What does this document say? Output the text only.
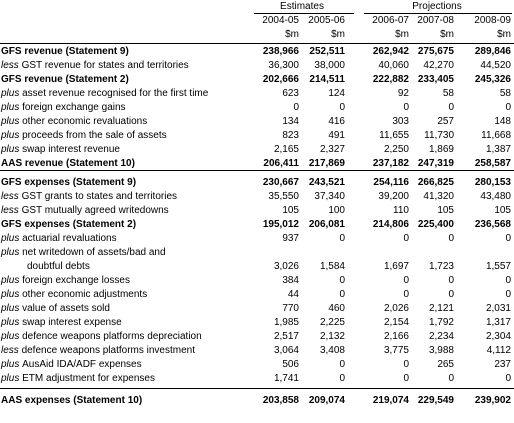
Estimates	Projections
2004-05 2005-06	2006-07 2007-08	2008-09
$m	$m	$m	$m	$m
GFS revenue (Statement 9)	238,966	252,511	262,942 275,675	289,846
less GST revenue for states and territories	36,300	38,000	40,060	42,270	44,520
GFS revenue (Statement 2)	202,666	214,511	222,882 233,405	245,326
plus asset revenue recognised for the first time	623	124	92	58	58
plus foreign exchange gains	0	0	0	0	0
plus other economic revaluations	134	416	303	257	148
plus proceeds from the sale of assets	823	491	11,655	11,730	11,668
plus swap interest revenue	2,165	2,327	2,250	1,869	1,387
AAS revenue (Statement 10)	206,411 217,869	237,182 247,319	258,587
GFS expenses (Statement 9)	230,667 243,521	254,116 266,825	280,153
less GST grants to states and territories	35,550	37,340	39,200	41,320	43,480
less GST mutually agreed writedowns	105	100	110	105	105
GFS expenses (Statement 2)	195,012 206,081	214,806 225,400	236,568
plus actuarial revaluations	937	0	0	0	0
plus net writedown of assets/bad and
doubtful debts	3,026	1,584	1,697	1,723	1,557
plus foreign exchange losses	384	0	0	0	0
plus other economic adjustments	44	0	0	0	0
plus value of assets sold	770	460	2,026	2,121	2,031
plus swap interest expense	1,985	2,225	2,154	1,792	1,317
plus defence weapons platforms depreciation	2,517	2,132	2,166	2,234	2,304
less defence weapons platforms investment	3,064	3,408	3,775	3,988	4,112
plus AusAid IDA/ADF expenses	506	0	0	265	237
plus ETM adjustment for expenses	1,741	0	0	0	0
AAS expenses (Statement 10)	203,858 209,074	219,074 229,549	239,902
